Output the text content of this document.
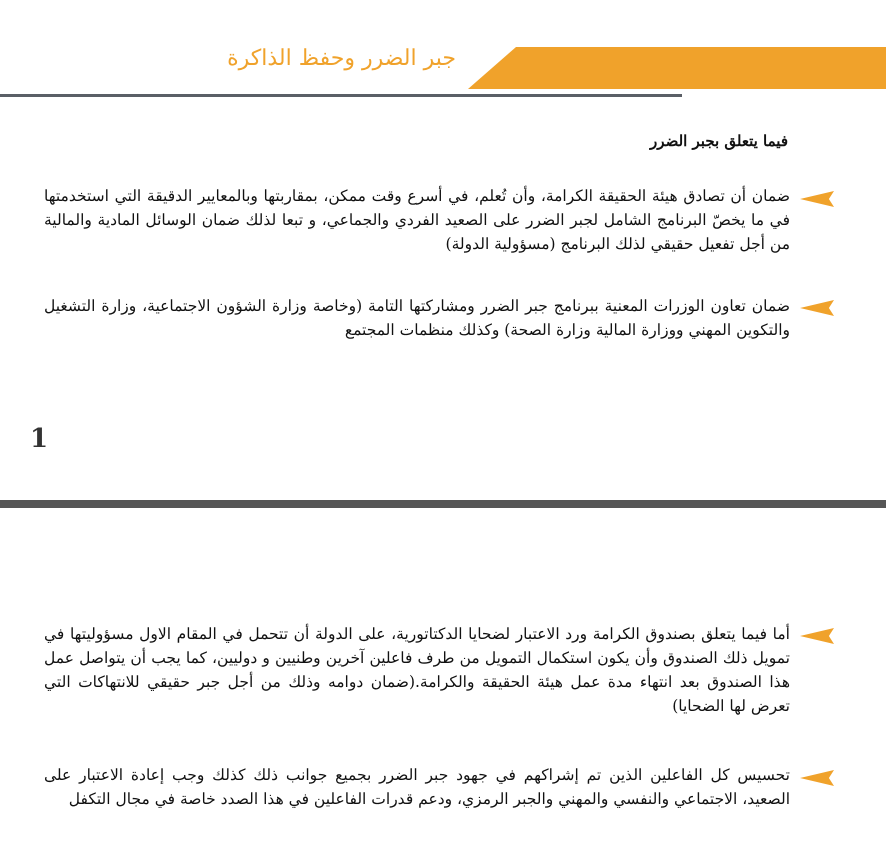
جبر الضرر وحفظ الذاكرة
فيما يتعلق بجبر الضرر

ضمان أن تصادق هيئة الحقيقة الكرامة، وأن تُعلم، في أسرع وقت ممكن، بمقاربتها وبالمعايير الدقيقة التي استخدمتها في ما يخصّ البرنامج الشامل لجبر الضرر على الصعيد الفردي والجماعي، و تبعا لذلك ضمان الوسائل المادية والمالية من أجل تفعيل حقيقي لذلك البرنامج (مسؤولية الدولة)

ضمان تعاون الوزرات المعنية ببرنامج جبر الضرر ومشاركتها التامة (وخاصة وزارة الشؤون الاجتماعية، وزارة التشغيل والتكوين المهني ووزارة المالية وزارة الصحة) وكذلك منظمات المجتمع

1

أما فيما يتعلق بصندوق الكرامة ورد الاعتبار لضحايا الدكتاتورية، على الدولة أن تتحمل في المقام الاول مسؤوليتها في تمويل ذلك الصندوق وأن يكون استكمال التمويل من طرف فاعلين آخرين وطنيين و دوليين، كما يجب أن يتواصل عمل هذا الصندوق بعد انتهاء مدة عمل هيئة الحقيقة والكرامة.(ضمان دوامه وذلك من أجل جبر حقيقي للانتهاكات التي تعرض لها الضحايا)

تحسيس كل الفاعلين الذين تم إشراكهم في جهود جبر الضرر بجميع جوانب ذلك كذلك وجب إعادة الاعتبار على الصعيد، الاجتماعي والنفسي والمهني والجبر الرمزي، ودعم قدرات الفاعلين في هذا الصدد خاصة في مجال التكفل
